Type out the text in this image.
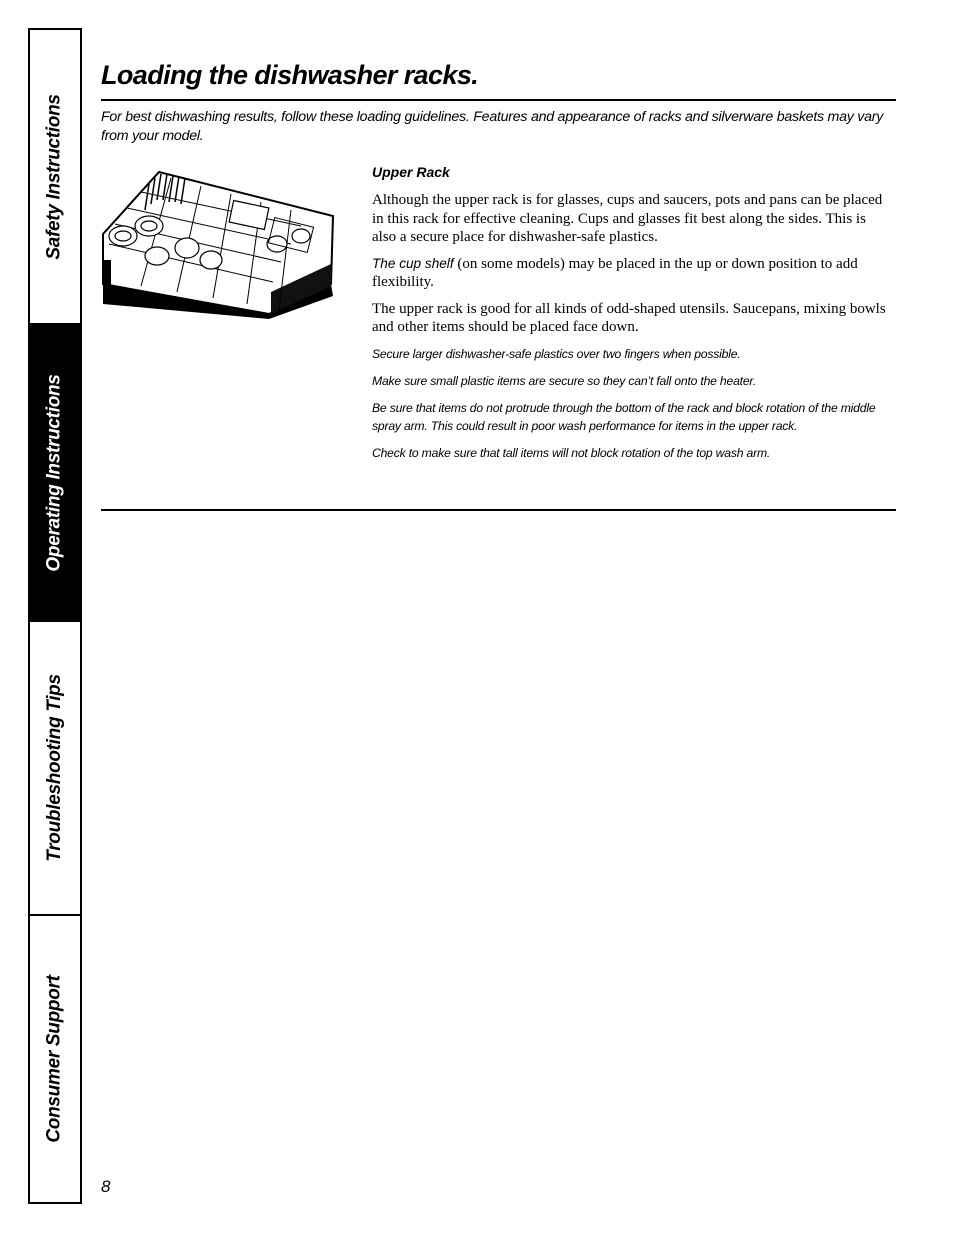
Safety Instructions
Operating Instructions
Troubleshooting Tips
Consumer Support
Loading the dishwasher racks.

For best dishwashing results, follow these loading guidelines. Features and appearance of racks and silverware baskets may vary from your model.

Upper Rack

Although the upper rack is for glasses, cups and saucers, pots and pans can be placed in this rack for effective cleaning. Cups and glasses fit best along the sides. This is also a secure place for dishwasher-safe plastics.

The cup shelf (on some models) may be placed in the up or down position to add flexibility.

The upper rack is good for all kinds of odd-shaped utensils. Saucepans, mixing bowls and other items should be placed face down.

Secure larger dishwasher-safe plastics over two fingers when possible.

Make sure small plastic items are secure so they can’t fall onto the heater.

Be sure that items do not protrude through the bottom of the rack and block rotation of the middle spray arm. This could result in poor wash performance for items in the upper rack.

Check to make sure that tall items will not block rotation of the top wash arm.

8
